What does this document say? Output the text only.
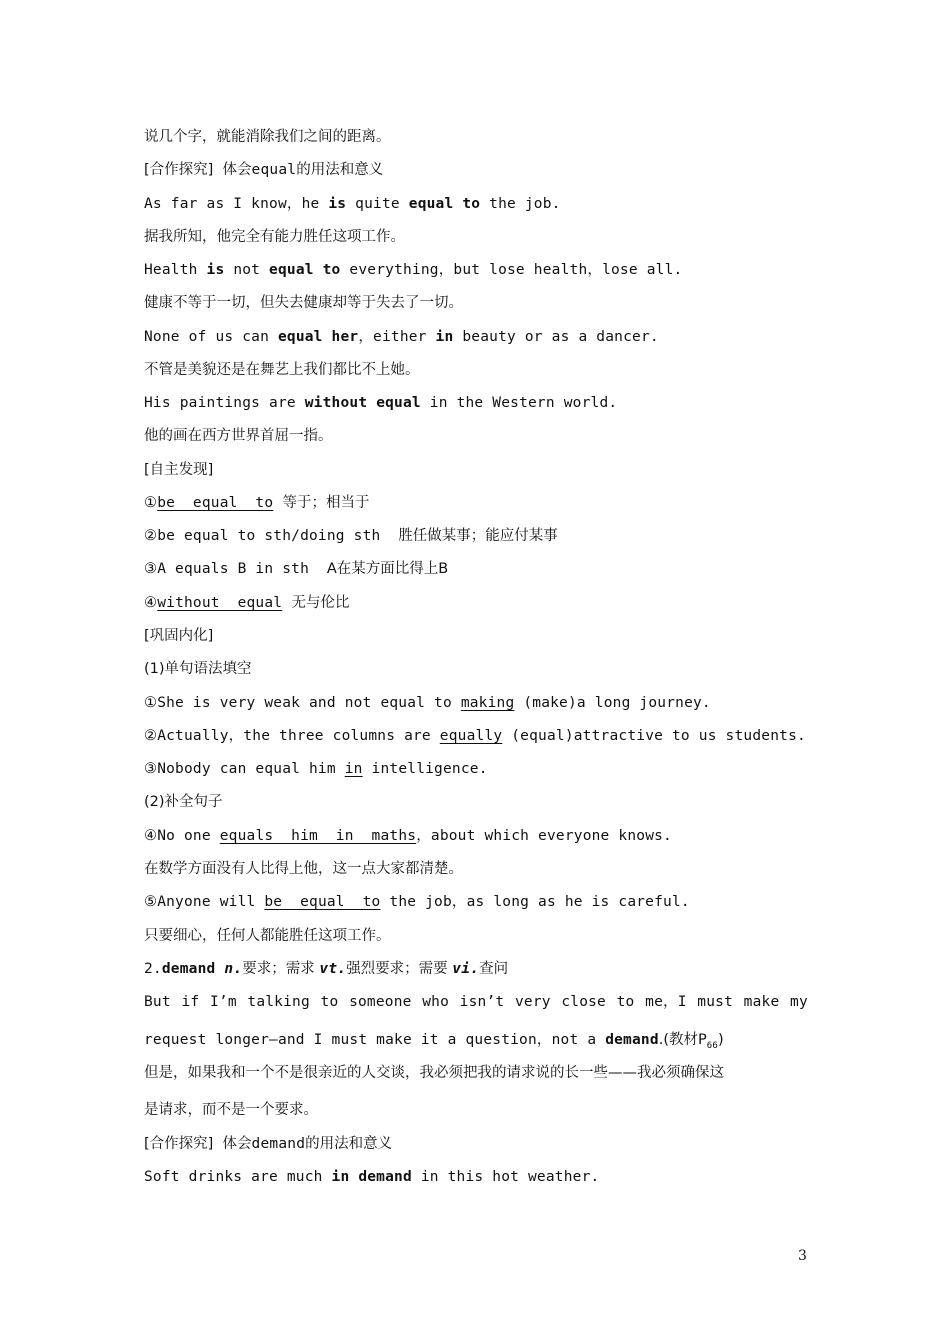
说几个字，就能消除我们之间的距离。
[合作探究]  体会equal的用法和意义
As far as I know，he is quite equal to the job.
据我所知，他完全有能力胜任这项工作。
Health is not equal to everything，but lose health，lose all.
健康不等于一切，但失去健康却等于失去了一切。
None of us can equal her，either in beauty or as a dancer.
不管是美貌还是在舞艺上我们都比不上她。
His paintings are without equal in the Western world.
他的画在西方世界首屈一指。
[自主发现]
①be  equal  to  等于；相当于
②be equal to sth/doing sth  胜任做某事；能应付某事
③A equals B in sth  A在某方面比得上B
④without  equal  无与伦比
[巩固内化]
(1)单句语法填空
①She is very weak and not equal to making (make)a long journey.
②Actually，the three columns are equally (equal)attractive to us students.
③Nobody can equal him in intelligence.
(2)补全句子
④No one equals  him  in  maths，about which everyone knows.
在数学方面没有人比得上他，这一点大家都清楚。
⑤Anyone will be  equal  to the job，as long as he is careful.
只要细心，任何人都能胜任这项工作。
2.demand n.要求；需求 vt.强烈要求；需要 vi.查问
But if I’m talking to someone who isn’t very close to me，I must make my
request longer—and I must make it a question，not a demand.(教材$P_{66}$)
但是，如果我和一个不是很亲近的人交谈，我必须把我的请求说的长一些——我必须确保这
是请求，而不是一个要求。
[合作探究]  体会demand的用法和意义
Soft drinks are much in demand in this hot weather.
3
